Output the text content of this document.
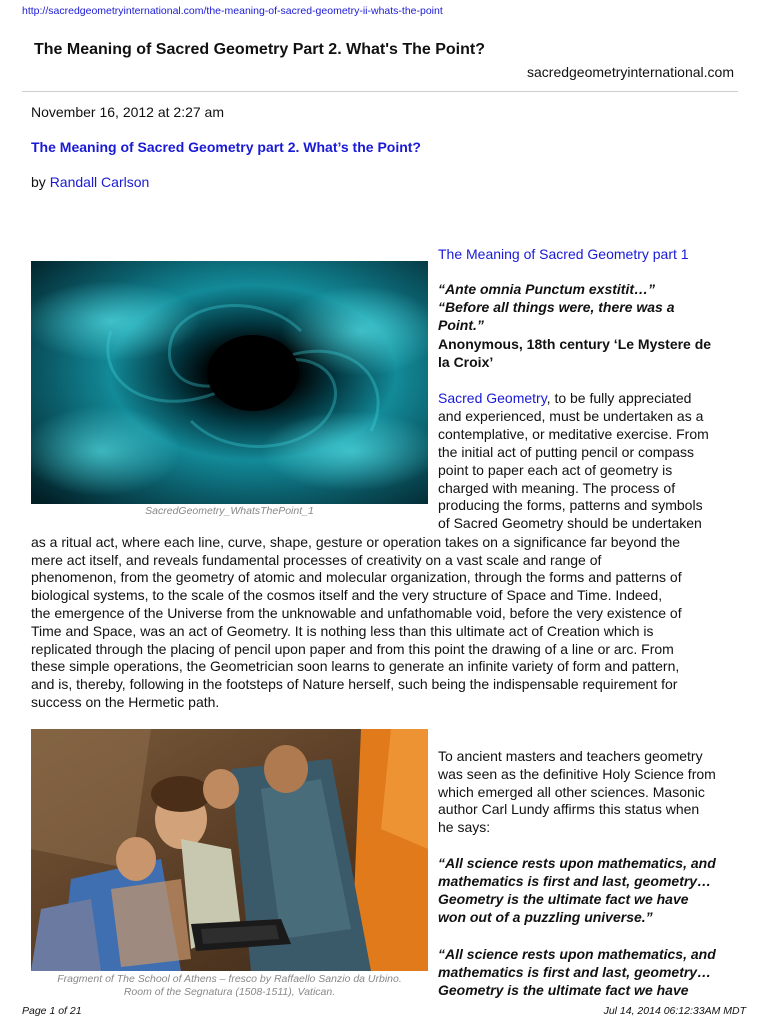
http://sacredgeometryinternational.com/the-meaning-of-sacred-geometry-ii-whats-the-point
The Meaning of Sacred Geometry Part 2. What's The Point?
sacredgeometryinternational.com
November 16, 2012 at 2:27 am
The Meaning of Sacred Geometry part 2. What’s the Point?
by Randall Carlson
SacredGeometry_WhatsThePoint_1
The Meaning of Sacred Geometry part 1
“Ante omnia Punctum exstitit…”
“Before all things were, there was a
Point.”
Anonymous, 18th century ‘Le Mystere de
la Croix’
Sacred Geometry, to be fully appreciated
and experienced, must be undertaken as a
contemplative, or meditative exercise. From
the initial act of putting pencil or compass
point to paper each act of geometry is
charged with meaning. The process of
producing the forms, patterns and symbols
of Sacred Geometry should be undertaken
as a ritual act, where each line, curve, shape, gesture or operation takes on a significance far beyond the
mere act itself, and reveals fundamental processes of creativity on a vast scale and range of
phenomenon, from the geometry of atomic and molecular organization, through the forms and patterns of
biological systems, to the scale of the cosmos itself and the very structure of Space and Time. Indeed,
the emergence of the Universe from the unknowable and unfathomable void, before the very existence of
Time and Space, was an act of Geometry. It is nothing less than this ultimate act of Creation which is
replicated through the placing of pencil upon paper and from this point the drawing of a line or arc. From
these simple operations, the Geometrician soon learns to generate an infinite variety of form and pattern,
and is, thereby, following in the footsteps of Nature herself, such being the indispensable requirement for
success on the Hermetic path.
Fragment of The School of Athens – fresco by Raffaello Sanzio da Urbino.
Room of the Segnatura (1508-1511), Vatican.
To ancient masters and teachers geometry
was seen as the definitive Holy Science from
which emerged all other sciences. Masonic
author Carl Lundy affirms this status when
he says:
“All science rests upon mathematics, and
mathematics is first and last, geometry…
Geometry is the ultimate fact we have
won out of a puzzling universe.”
“All science rests upon mathematics, and
mathematics is first and last, geometry…
Geometry is the ultimate fact we have
Page 1 of 21	Jul 14, 2014 06:12:33AM MDT
